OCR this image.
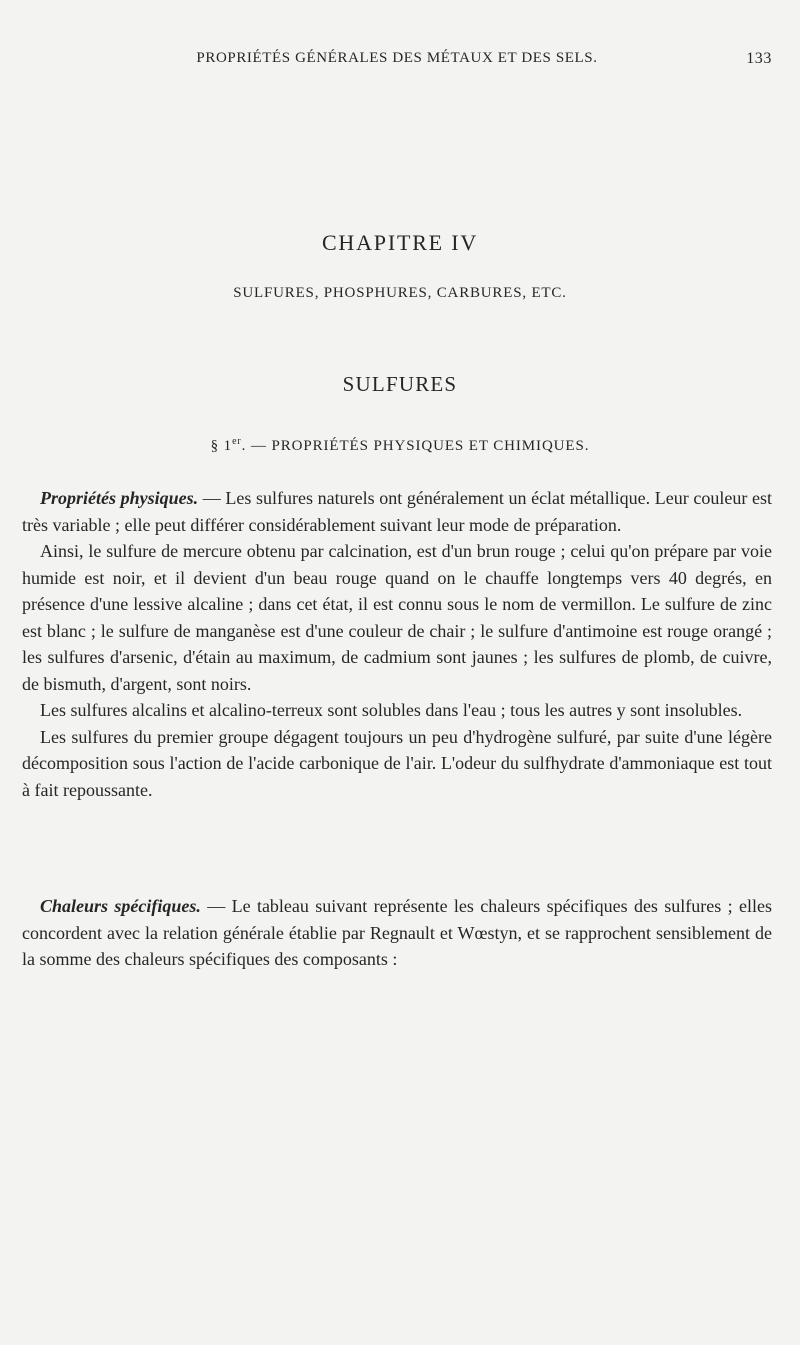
PROPRIÉTÉS GÉNÉRALES DES MÉTAUX ET DES SELS.	133
CHAPITRE IV
SULFURES, PHOSPHURES, CARBURES, ETC.
SULFURES
§ 1er. — PROPRIÉTÉS PHYSIQUES ET CHIMIQUES.

Propriétés physiques. — Les sulfures naturels ont généralement un éclat métallique. Leur couleur est très variable ; elle peut différer considérablement suivant leur mode de préparation.

Ainsi, le sulfure de mercure obtenu par calcination, est d'un brun rouge ; celui qu'on prépare par voie humide est noir, et il devient d'un beau rouge quand on le chauffe longtemps vers 40 degrés, en présence d'une lessive alcaline ; dans cet état, il est connu sous le nom de vermillon. Le sulfure de zinc est blanc ; le sulfure de manganèse est d'une couleur de chair ; le sulfure d'antimoine est rouge orangé ; les sulfures d'arsenic, d'étain au maximum, de cadmium sont jaunes ; les sulfures de plomb, de cuivre, de bismuth, d'argent, sont noirs.

Les sulfures alcalins et alcalino-terreux sont solubles dans l'eau ; tous les autres y sont insolubles.

Les sulfures du premier groupe dégagent toujours un peu d'hydrogène sulfuré, par suite d'une légère décomposition sous l'action de l'acide carbonique de l'air. L'odeur du sulfhydrate d'ammoniaque est tout à fait repoussante.

Chaleurs spécifiques. — Le tableau suivant représente les chaleurs spécifiques des sulfures ; elles concordent avec la relation générale établie par Regnault et Wœstyn, et se rapprochent sensiblement de la somme des chaleurs spécifiques des composants :
